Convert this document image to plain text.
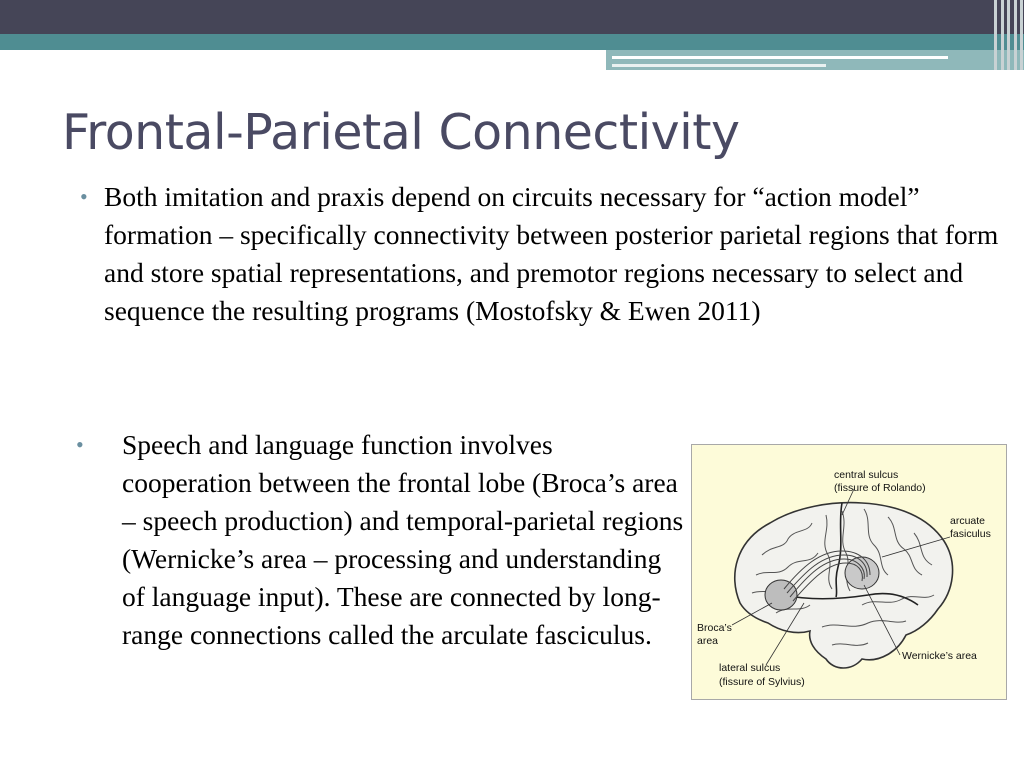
Frontal-Parietal Connectivity
• Both imitation and praxis depend on circuits necessary for “action model” formation – specifically connectivity between posterior parietal regions that form and store spatial representations, and premotor regions necessary to select and sequence the resulting programs (Mostofsky & Ewen 2011)
• Speech and language function involves cooperation between the frontal lobe (Broca’s area – speech production) and temporal-parietal regions (Wernicke’s area – processing and understanding of language input). These are connected by long-range connections called the arculate fasciculus.
central sulcus
(fissure of Rolando)
arcuate
fasiculus
Broca’s
area
lateral sulcus
(fissure of Sylvius)
Wernicke’s area
